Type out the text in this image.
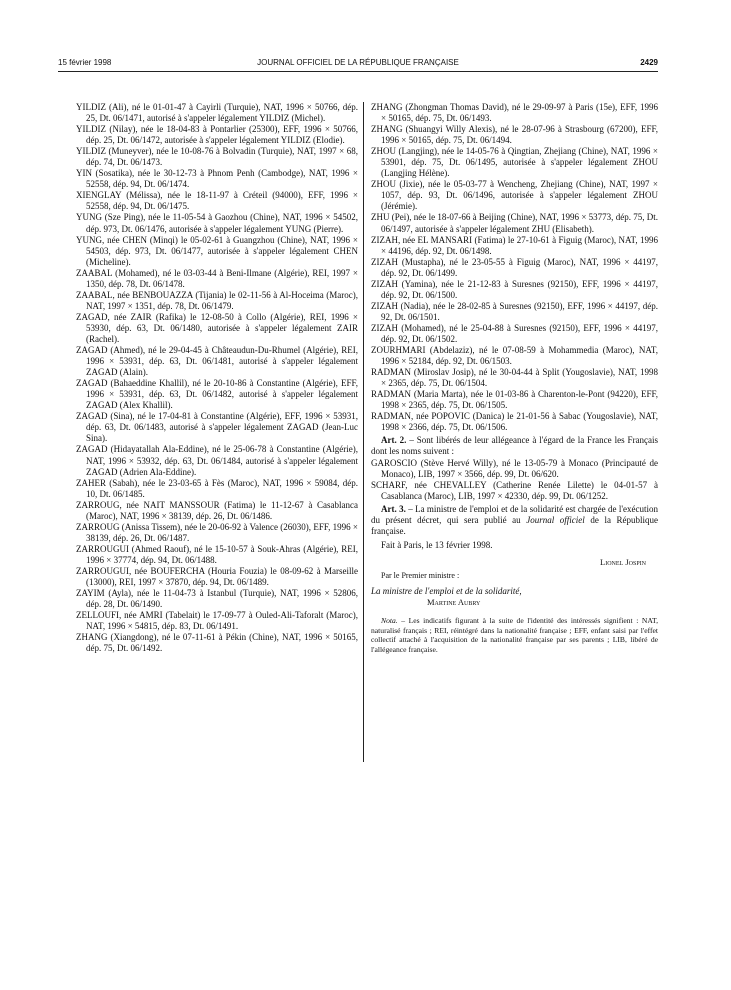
15 février 1998	JOURNAL OFFICIEL DE LA RÉPUBLIQUE FRANÇAISE	2429

YILDIZ (Ali), né le 01-01-47 à Cayirli (Turquie), NAT, 1996 × 50766, dép. 25, Dt. 06/1471, autorisé à s'appeler légalement YILDIZ (Michel).

YILDIZ (Nilay), née le 18-04-83 à Pontarlier (25300), EFF, 1996 × 50766, dép. 25, Dt. 06/1472, autorisée à s'appeler légalement YILDIZ (Elodie).

YILDIZ (Muneyver), née le 10-08-76 à Bolvadin (Turquie), NAT, 1997 × 68, dép. 74, Dt. 06/1473.

YIN (Sosatika), née le 30-12-73 à Phnom Penh (Cambodge), NAT, 1996 × 52558, dép. 94, Dt. 06/1474.

XIENGLAY (Mélissa), née le 18-11-97 à Créteil (94000), EFF, 1996 × 52558, dép. 94, Dt. 06/1475.

YUNG (Sze Ping), née le 11-05-54 à Gaozhou (Chine), NAT, 1996 × 54502, dép. 973, Dt. 06/1476, autorisée à s'appeler légalement YUNG (Pierre).

YUNG, née CHEN (Minqi) le 05-02-61 à Guangzhou (Chine), NAT, 1996 × 54503, dép. 973, Dt. 06/1477, autorisée à s'appeler légalement CHEN (Micheline).

ZAABAL (Mohamed), né le 03-03-44 à Beni-Ilmane (Algérie), REI, 1997 × 1350, dép. 78, Dt. 06/1478.

ZAABAL, née BENBOUAZZA (Tijania) le 02-11-56 à Al-Hoceima (Maroc), NAT, 1997 × 1351, dép. 78, Dt. 06/1479.

ZAGAD, née ZAIR (Rafika) le 12-08-50 à Collo (Algérie), REI, 1996 × 53930, dép. 63, Dt. 06/1480, autorisée à s'appeler légalement ZAIR (Rachel).

ZAGAD (Ahmed), né le 29-04-45 à Châteaudun-Du-Rhumel (Algérie), REI, 1996 × 53931, dép. 63, Dt. 06/1481, autorisé à s'appeler légalement ZAGAD (Alain).

ZAGAD (Bahaeddine Khallil), né le 20-10-86 à Constantine (Algérie), EFF, 1996 × 53931, dép. 63, Dt. 06/1482, autorisé à s'appeler légalement ZAGAD (Alex Khallil).

ZAGAD (Sina), né le 17-04-81 à Constantine (Algérie), EFF, 1996 × 53931, dép. 63, Dt. 06/1483, autorisé à s'appeler légalement ZAGAD (Jean-Luc Sina).

ZAGAD (Hidayatallah Ala-Eddine), né le 25-06-78 à Constantine (Algérie), NAT, 1996 × 53932, dép. 63, Dt. 06/1484, autorisé à s'appeler légalement ZAGAD (Adrien Ala-Eddine).

ZAHER (Sabah), née le 23-03-65 à Fès (Maroc), NAT, 1996 × 59084, dép. 10, Dt. 06/1485.

ZARROUG, née NAIT MANSSOUR (Fatima) le 11-12-67 à Casablanca (Maroc), NAT, 1996 × 38139, dép. 26, Dt. 06/1486.

ZARROUG (Anissa Tissem), née le 20-06-92 à Valence (26030), EFF, 1996 × 38139, dép. 26, Dt. 06/1487.

ZARROUGUI (Ahmed Raouf), né le 15-10-57 à Souk-Ahras (Algérie), REI, 1996 × 37774, dép. 94, Dt. 06/1488.

ZARROUGUI, née BOUFERCHA (Houria Fouzia) le 08-09-62 à Marseille (13000), REI, 1997 × 37870, dép. 94, Dt. 06/1489.

ZAYIM (Ayla), née le 11-04-73 à Istanbul (Turquie), NAT, 1996 × 52806, dép. 28, Dt. 06/1490.

ZELLOUFI, née AMRI (Tabelait) le 17-09-77 à Ouled-Ali-Taforalt (Maroc), NAT, 1996 × 54815, dép. 83, Dt. 06/1491.

ZHANG (Xiangdong), né le 07-11-61 à Pékin (Chine), NAT, 1996 × 50165, dép. 75, Dt. 06/1492.

ZHANG (Zhongman Thomas David), né le 29-09-97 à Paris (15e), EFF, 1996 × 50165, dép. 75, Dt. 06/1493.

ZHANG (Shuangyi Willy Alexis), né le 28-07-96 à Strasbourg (67200), EFF, 1996 × 50165, dép. 75, Dt. 06/1494.

ZHOU (Langjing), née le 14-05-76 à Qingtian, Zhejiang (Chine), NAT, 1996 × 53901, dép. 75, Dt. 06/1495, autorisée à s'appeler légalement ZHOU (Langjing Hélène).

ZHOU (Jixie), née le 05-03-77 à Wencheng, Zhejiang (Chine), NAT, 1997 × 1057, dép. 93, Dt. 06/1496, autorisée à s'appeler légalement ZHOU (Jérémie).

ZHU (Pei), née le 18-07-66 à Beijing (Chine), NAT, 1996 × 53773, dép. 75, Dt. 06/1497, autorisée à s'appeler légalement ZHU (Elisabeth).

ZIZAH, née EL MANSARI (Fatima) le 27-10-61 à Figuig (Maroc), NAT, 1996 × 44196, dép. 92, Dt. 06/1498.

ZIZAH (Mustapha), né le 23-05-55 à Figuig (Maroc), NAT, 1996 × 44197, dép. 92, Dt. 06/1499.

ZIZAH (Yamina), née le 21-12-83 à Suresnes (92150), EFF, 1996 × 44197, dép. 92, Dt. 06/1500.

ZIZAH (Nadia), née le 28-02-85 à Suresnes (92150), EFF, 1996 × 44197, dép. 92, Dt. 06/1501.

ZIZAH (Mohamed), né le 25-04-88 à Suresnes (92150), EFF, 1996 × 44197, dép. 92, Dt. 06/1502.

ZOURHMARI (Abdelaziz), né le 07-08-59 à Mohammedia (Maroc), NAT, 1996 × 52184, dép. 92, Dt. 06/1503.

RADMAN (Miroslav Josip), né le 30-04-44 à Split (Yougoslavie), NAT, 1998 × 2365, dép. 75, Dt. 06/1504.

RADMAN (Maria Marta), née le 01-03-86 à Charenton-le-Pont (94220), EFF, 1998 × 2365, dép. 75, Dt. 06/1505.

RADMAN, née POPOVIC (Danica) le 21-01-56 à Sabac (Yougoslavie), NAT, 1998 × 2366, dép. 75, Dt. 06/1506.

Art. 2. – Sont libérés de leur allégeance à l'égard de la France les Français dont les noms suivent :

GAROSCIO (Stève Hervé Willy), né le 13-05-79 à Monaco (Principauté de Monaco), LIB, 1997 × 3566, dép. 99, Dt. 06/620.

SCHARF, née CHEVALLEY (Catherine Renée Lilette) le 04-01-57 à Casablanca (Maroc), LIB, 1997 × 42330, dép. 99, Dt. 06/1252.

Art. 3. – La ministre de l'emploi et de la solidarité est chargée de l'exécution du présent décret, qui sera publié au Journal officiel de la République française.

Fait à Paris, le 13 février 1998.

Lionel Jospin

Par le Premier ministre :

La ministre de l'emploi et de la solidarité,

Martine Aubry

Nota. – Les indicatifs figurant à la suite de l'identité des intéressés signifient : NAT, naturalisé français ; REI, réintégré dans la nationalité française ; EFF, enfant saisi par l'effet collectif attaché à l'acquisition de la nationalité française par ses parents ; LIB, libéré de l'allégeance française.
